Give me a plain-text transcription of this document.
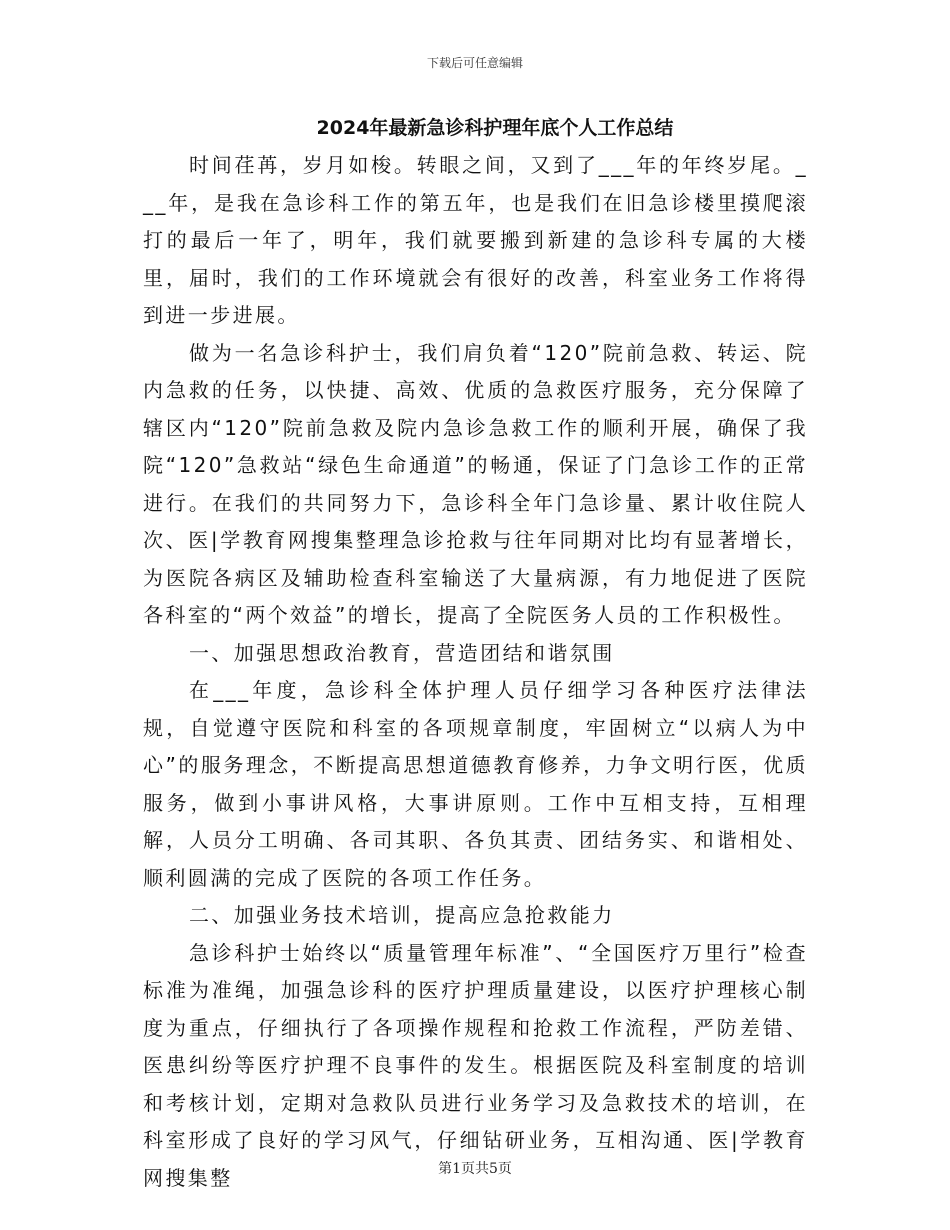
下载后可任意编辑
2024年最新急诊科护理年底个人工作总结

时间荏苒，岁月如梭。转眼之间，又到了___年的年终岁尾。___年，是我在急诊科工作的第五年，也是我们在旧急诊楼里摸爬滚打的最后一年了，明年，我们就要搬到新建的急诊科专属的大楼里，届时，我们的工作环境就会有很好的改善，科室业务工作将得到进一步进展。

做为一名急诊科护士，我们肩负着“120”院前急救、转运、院内急救的任务，以快捷、高效、优质的急救医疗服务，充分保障了辖区内“120”院前急救及院内急诊急救工作的顺利开展，确保了我院“120”急救站“绿色生命通道”的畅通，保证了门急诊工作的正常进行。在我们的共同努力下，急诊科全年门急诊量、累计收住院人次、医|学教育网搜集整理急诊抢救与往年同期对比均有显著增长，为医院各病区及辅助检查科室输送了大量病源，有力地促进了医院各科室的“两个效益”的增长，提高了全院医务人员的工作积极性。

一、加强思想政治教育，营造团结和谐氛围

在___年度，急诊科全体护理人员仔细学习各种医疗法律法规，自觉遵守医院和科室的各项规章制度，牢固树立“以病人为中心”的服务理念，不断提高思想道德教育修养，力争文明行医，优质服务，做到小事讲风格，大事讲原则。工作中互相支持，互相理解，人员分工明确、各司其职、各负其责、团结务实、和谐相处、顺利圆满的完成了医院的各项工作任务。

二、加强业务技术培训，提高应急抢救能力

急诊科护士始终以“质量管理年标准”、“全国医疗万里行”检查标准为准绳，加强急诊科的医疗护理质量建设，以医疗护理核心制度为重点，仔细执行了各项操作规程和抢救工作流程，严防差错、医患纠纷等医疗护理不良事件的发生。根据医院及科室制度的培训和考核计划，定期对急救队员进行业务学习及急救技术的培训，在科室形成了良好的学习风气，仔细钻研业务，互相沟通、医|学教育网搜集整	第1页共5页
